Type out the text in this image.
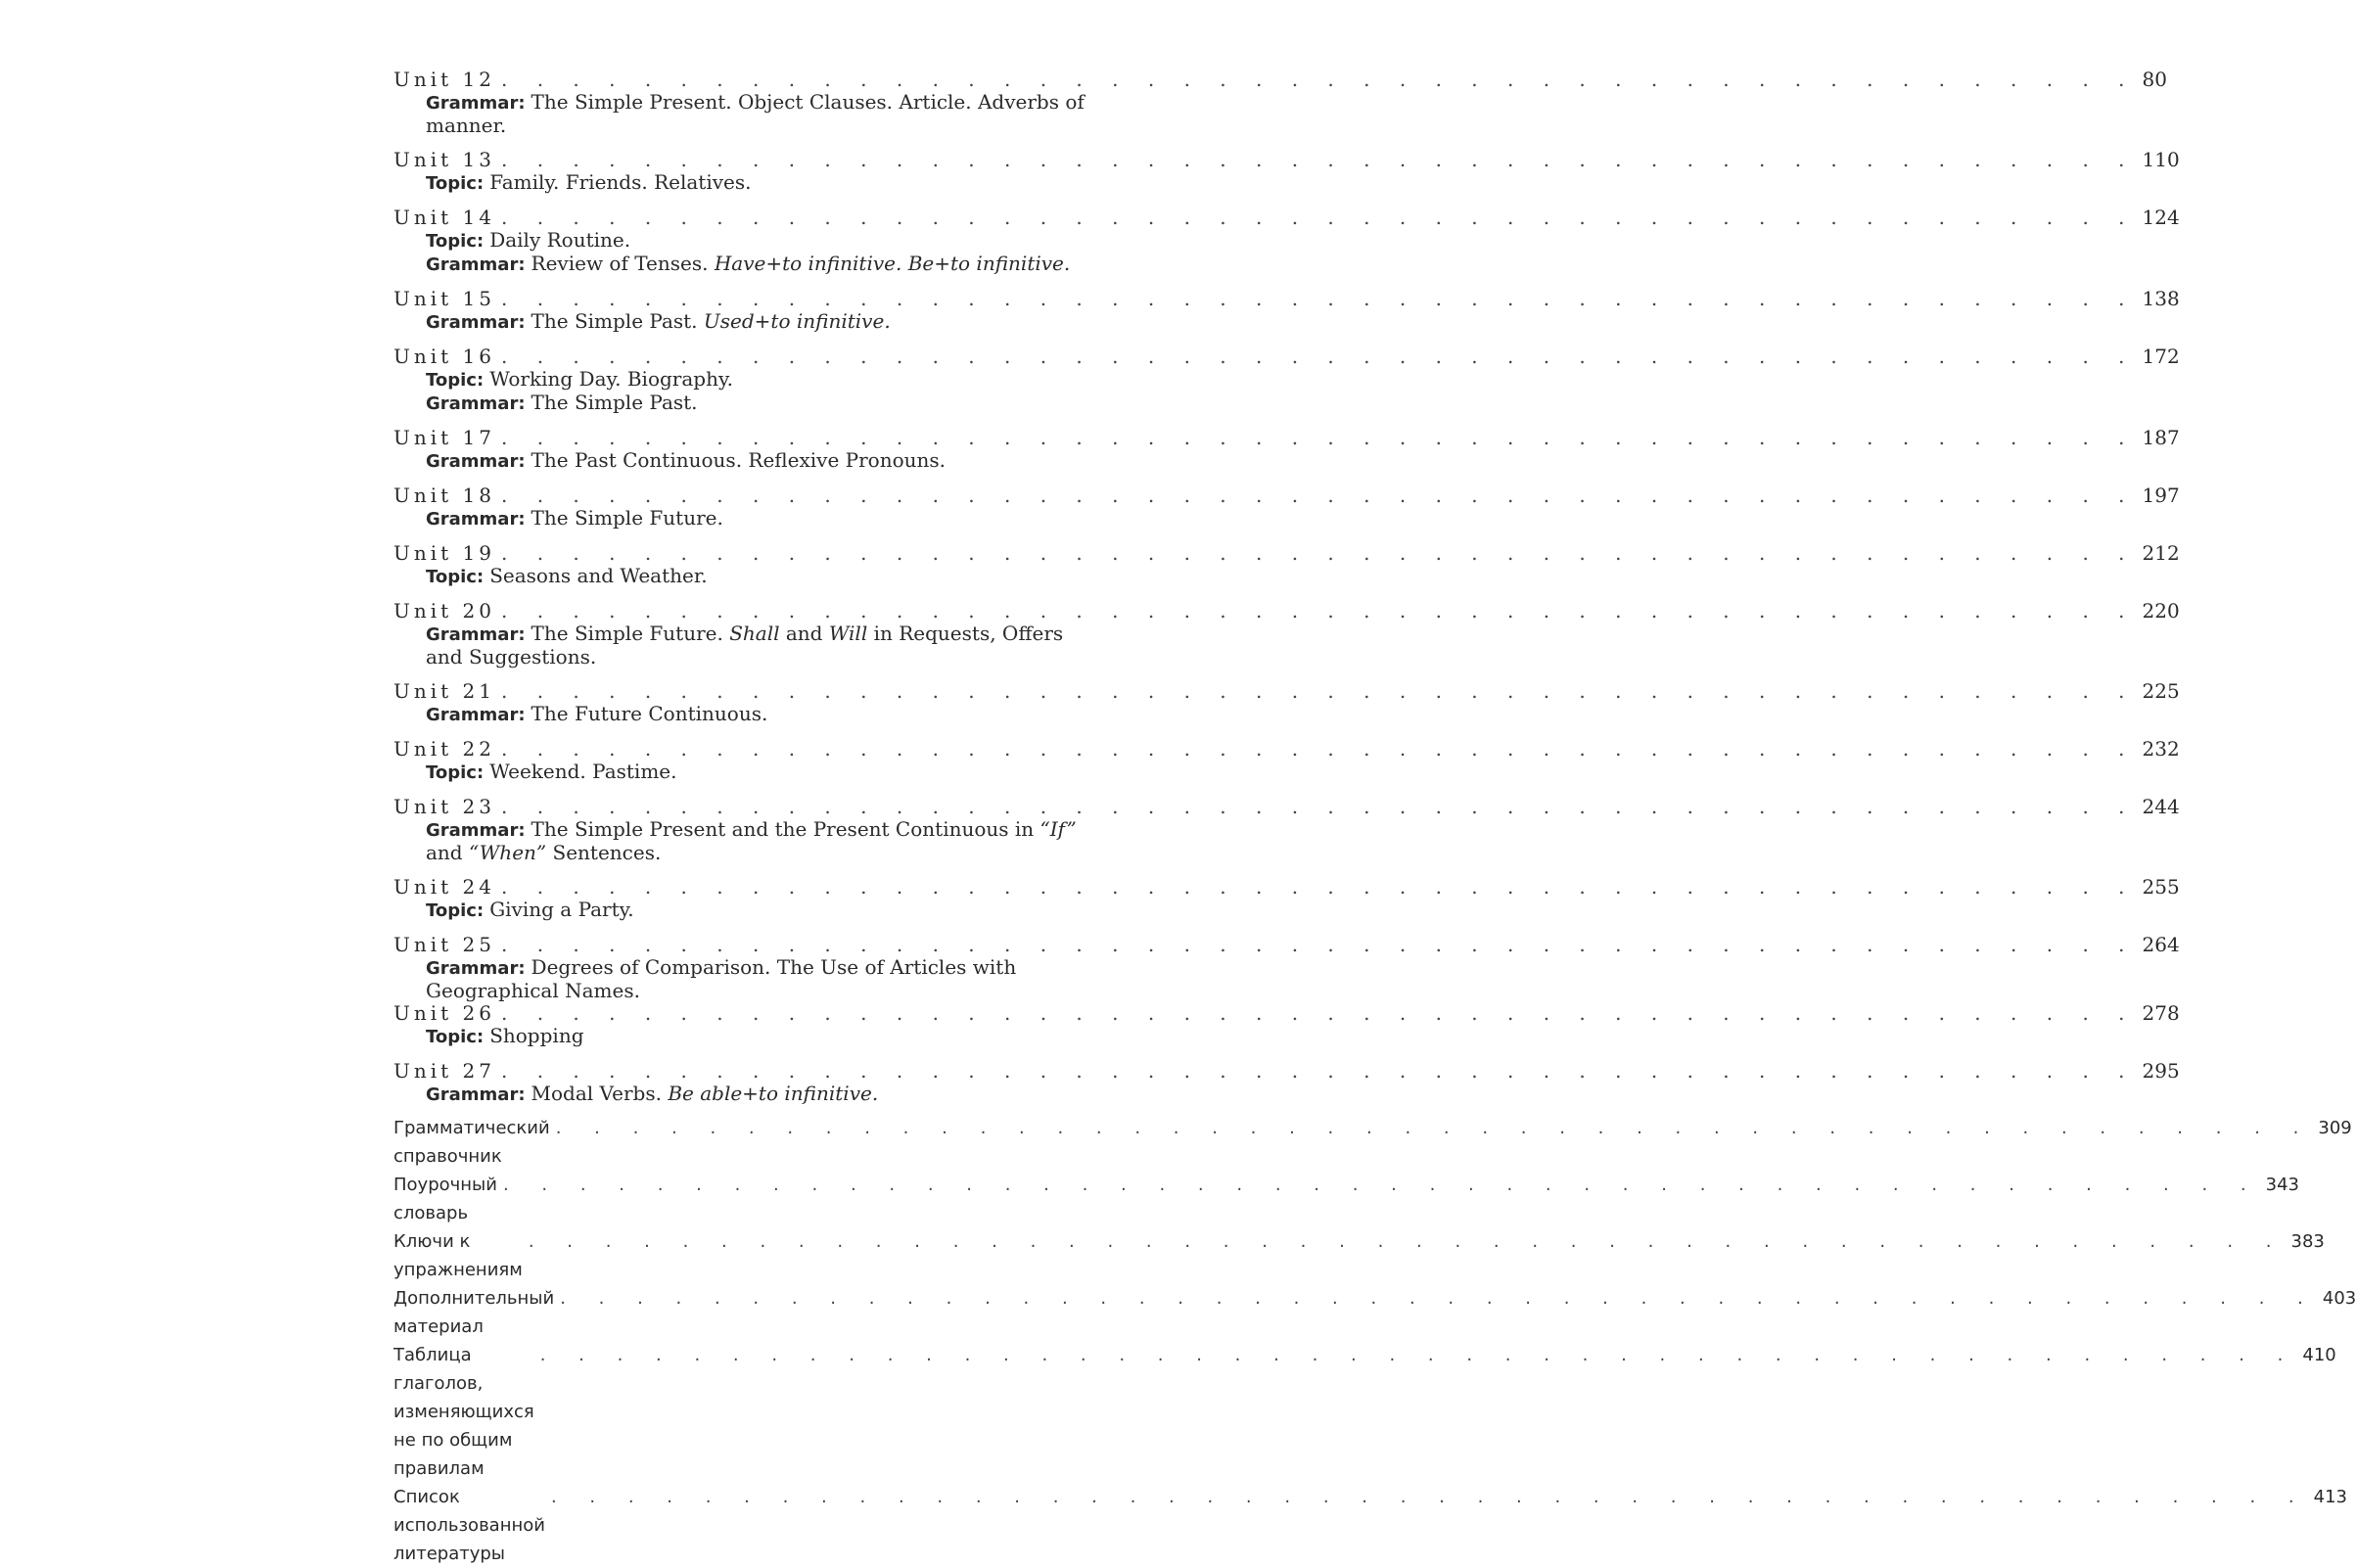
Unit 12 . . . . . . . . . . . . . . . . . . . . . . . . . . . . . . . . . . . . . . . . . . . . . . 80
Grammar: The Simple Present. Object Clauses. Article. Adverbs of manner.
Unit 13 . . . . . . . . . . . . . . . . . . . . . . . . . . . . . . . . . . . . . . . . . . . . . . 110
Topic: Family. Friends. Relatives.
Unit 14 . . . . . . . . . . . . . . . . . . . . . . . . . . . . . . . . . . . . . . . . . . . . . . 124
Topic: Daily Routine.
Grammar: Review of Tenses. Have+to infinitive. Be+to infinitive.
Unit 15 . . . . . . . . . . . . . . . . . . . . . . . . . . . . . . . . . . . . . . . . . . . . . . 138
Grammar: The Simple Past. Used+to infinitive.
Unit 16 . . . . . . . . . . . . . . . . . . . . . . . . . . . . . . . . . . . . . . . . . . . . . . 172
Topic: Working Day. Biography.
Grammar: The Simple Past.
Unit 17 . . . . . . . . . . . . . . . . . . . . . . . . . . . . . . . . . . . . . . . . . . . . . . 187
Grammar: The Past Continuous. Reflexive Pronouns.
Unit 18 . . . . . . . . . . . . . . . . . . . . . . . . . . . . . . . . . . . . . . . . . . . . . . 197
Grammar: The Simple Future.
Unit 19 . . . . . . . . . . . . . . . . . . . . . . . . . . . . . . . . . . . . . . . . . . . . . . 212
Topic: Seasons and Weather.
Unit 20 . . . . . . . . . . . . . . . . . . . . . . . . . . . . . . . . . . . . . . . . . . . . . . 220
Grammar: The Simple Future. Shall and Will in Requests, Offers and Suggestions.
Unit 21 . . . . . . . . . . . . . . . . . . . . . . . . . . . . . . . . . . . . . . . . . . . . . . 225
Grammar: The Future Continuous.
Unit 22 . . . . . . . . . . . . . . . . . . . . . . . . . . . . . . . . . . . . . . . . . . . . . . 232
Topic: Weekend. Pastime.
Unit 23 . . . . . . . . . . . . . . . . . . . . . . . . . . . . . . . . . . . . . . . . . . . . . . 244
Grammar: The Simple Present and the Present Continuous in “If” and “When” Sentences.
Unit 24 . . . . . . . . . . . . . . . . . . . . . . . . . . . . . . . . . . . . . . . . . . . . . . 255
Topic: Giving a Party.
Unit 25 . . . . . . . . . . . . . . . . . . . . . . . . . . . . . . . . . . . . . . . . . . . . . . 264
Grammar: Degrees of Comparison. The Use of Articles with Geographical Names.
Unit 26 . . . . . . . . . . . . . . . . . . . . . . . . . . . . . . . . . . . . . . . . . . . . . . 278
Topic: Shopping
Unit 27 . . . . . . . . . . . . . . . . . . . . . . . . . . . . . . . . . . . . . . . . . . . . . . 295
Grammar: Modal Verbs. Be able+to infinitive.
Грамматический справочник
. . . . . . . . . . . . . . . . . . . . . . . . . . . . . . . . . . . . . . . . . . . . . . 309
Поурочный словарь
. . . . . . . . . . . . . . . . . . . . . . . . . . . . . . . . . . . . . . . . . . . . . . 343
Ключи к упражнениям
. . . . . . . . . . . . . . . . . . . . . . . . . . . . . . . . . . . . . . . . . . . . . . 383
Дополнительный материал
. . . . . . . . . . . . . . . . . . . . . . . . . . . . . . . . . . . . . . . . . . . . . . 403
Таблица глаголов, изменяющихся не по общим правилам
. . . . . . . . . . . . . . . . . . . . . . . . . . . . . . . . . . . . . . . . . . . . . . 410
Список использованной литературы
. . . . . . . . . . . . . . . . . . . . . . . . . . . . . . . . . . . . . . . . . . . . . . 413
